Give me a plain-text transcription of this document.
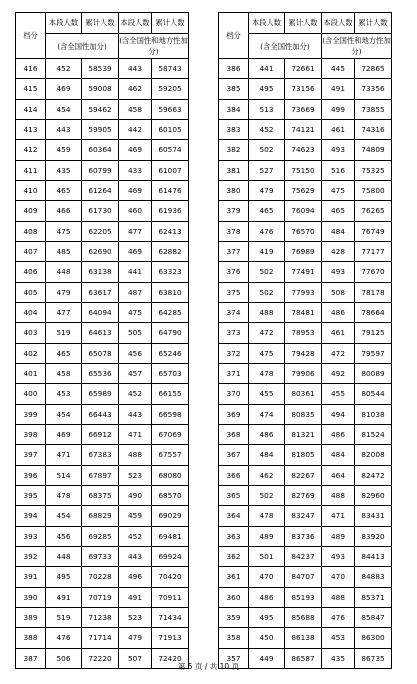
档分	本段人数	累计人数	本段人数	累计人数
	(含全国性加分)		(含全国性和地方性加分)	
416	452	58539	443	58743
415	469	59008	462	59205
414	454	59462	458	59663
413	443	59905	442	60105
412	459	60364	469	60574
411	435	60799	433	61007
410	465	61264	469	61476
409	466	61730	460	61936
408	475	62205	477	62413
407	485	62690	469	62882
406	448	63138	441	63323
405	479	63617	487	63810
404	477	64094	475	64285
403	519	64613	505	64790
402	465	65078	456	65246
401	458	65536	457	65703
400	453	65989	452	66155
399	454	66443	443	66598
398	469	66912	471	67069
397	471	67383	488	67557
396	514	67897	523	68080
395	478	68375	490	68570
394	454	68829	459	69029
393	456	69285	452	69481
392	448	69733	443	69924
391	495	70228	496	70420
390	491	70719	491	70911
389	519	71238	523	71434
388	476	71714	479	71913
387	506	72220	507	72420
档分	本段人数	累计人数	本段人数	累计人数
	(含全国性加分)		(含全国性和地方性加分)	
386	441	72661	445	72865
385	495	73156	491	73356
384	513	73669	499	73855
383	452	74121	461	74316
382	502	74623	493	74809
381	527	75150	516	75325
380	479	75629	475	75800
379	465	76094	465	76265
378	476	76570	484	76749
377	419	76989	428	77177
376	502	77491	493	77670
375	502	77993	508	78178
374	488	78481	486	78664
373	472	78953	461	79125
372	475	79428	472	79597
371	478	79906	492	80089
370	455	80361	455	80544
369	474	80835	494	81038
368	486	81321	486	81524
367	484	81805	484	82008
366	462	82267	464	82472
365	502	82769	488	82960
364	478	83247	471	83431
363	489	83736	489	83920
362	501	84237	493	84413
361	470	84707	470	84883
360	486	85193	488	85371
359	495	85688	476	85847
358	450	86138	453	86300
357	449	86587	435	86735
第 5 页 / 共 10 页
